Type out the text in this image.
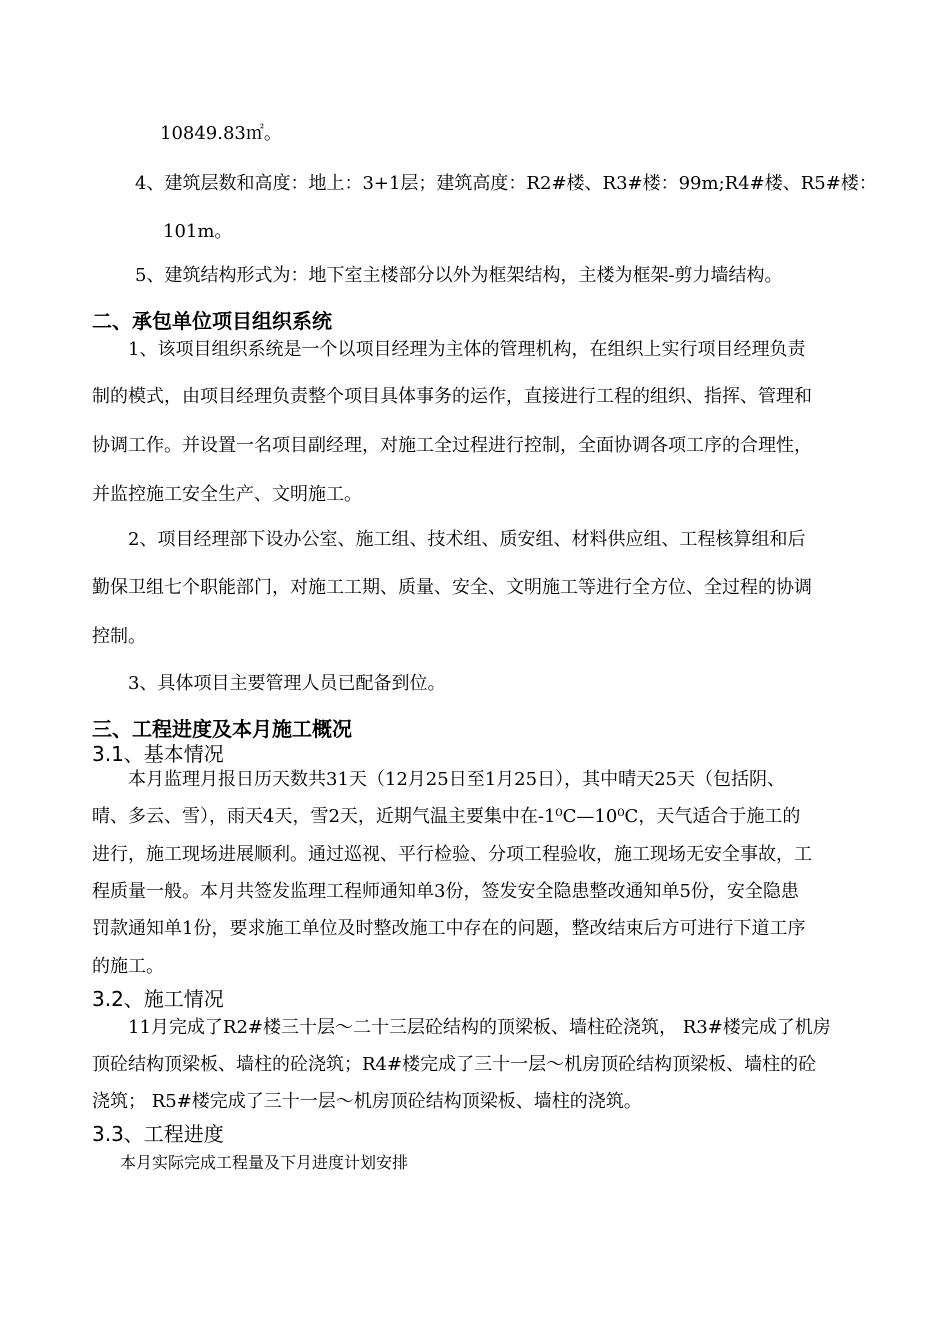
10849.83㎡。
4、建筑层数和高度：地上：3+1层；建筑高度：R2#楼、R3#楼：99m;R4#楼、R5#楼：
101m。
5、建筑结构形式为：地下室主楼部分以外为框架结构，主楼为框架-剪力墙结构。
二、承包单位项目组织系统
1、该项目组织系统是一个以项目经理为主体的管理机构，在组织上实行项目经理负责
制的模式，由项目经理负责整个项目具体事务的运作，直接进行工程的组织、指挥、管理和
协调工作。并设置一名项目副经理，对施工全过程进行控制，全面协调各项工序的合理性，
并监控施工安全生产、文明施工。
2、项目经理部下设办公室、施工组、技术组、质安组、材料供应组、工程核算组和后
勤保卫组七个职能部门，对施工工期、质量、安全、文明施工等进行全方位、全过程的协调
控制。
3、具体项目主要管理人员已配备到位。
三、工程进度及本月施工概况
3.1、基本情况
本月监理月报日历天数共31天（12月25日至1月25日），其中晴天25天（包括阴、
晴、多云、雪），雨天4天，雪2天，近期气温主要集中在-1⁰C—10⁰C，天气适合于施工的
进行，施工现场进展顺利。通过巡视、平行检验、分项工程验收，施工现场无安全事故，工
程质量一般。本月共签发监理工程师通知单3份，签发安全隐患整改通知单5份，安全隐患
罚款通知单1份，要求施工单位及时整改施工中存在的问题，整改结束后方可进行下道工序
的施工。
3.2、施工情况
11月完成了R2#楼三十层～二十三层砼结构的顶梁板、墙柱砼浇筑， R3#楼完成了机房
顶砼结构顶梁板、墙柱的砼浇筑；R4#楼完成了三十一层～机房顶砼结构顶梁板、墙柱的砼
浇筑； R5#楼完成了三十一层～机房顶砼结构顶梁板、墙柱的浇筑。
3.3、工程进度
本月实际完成工程量及下月进度计划安排
